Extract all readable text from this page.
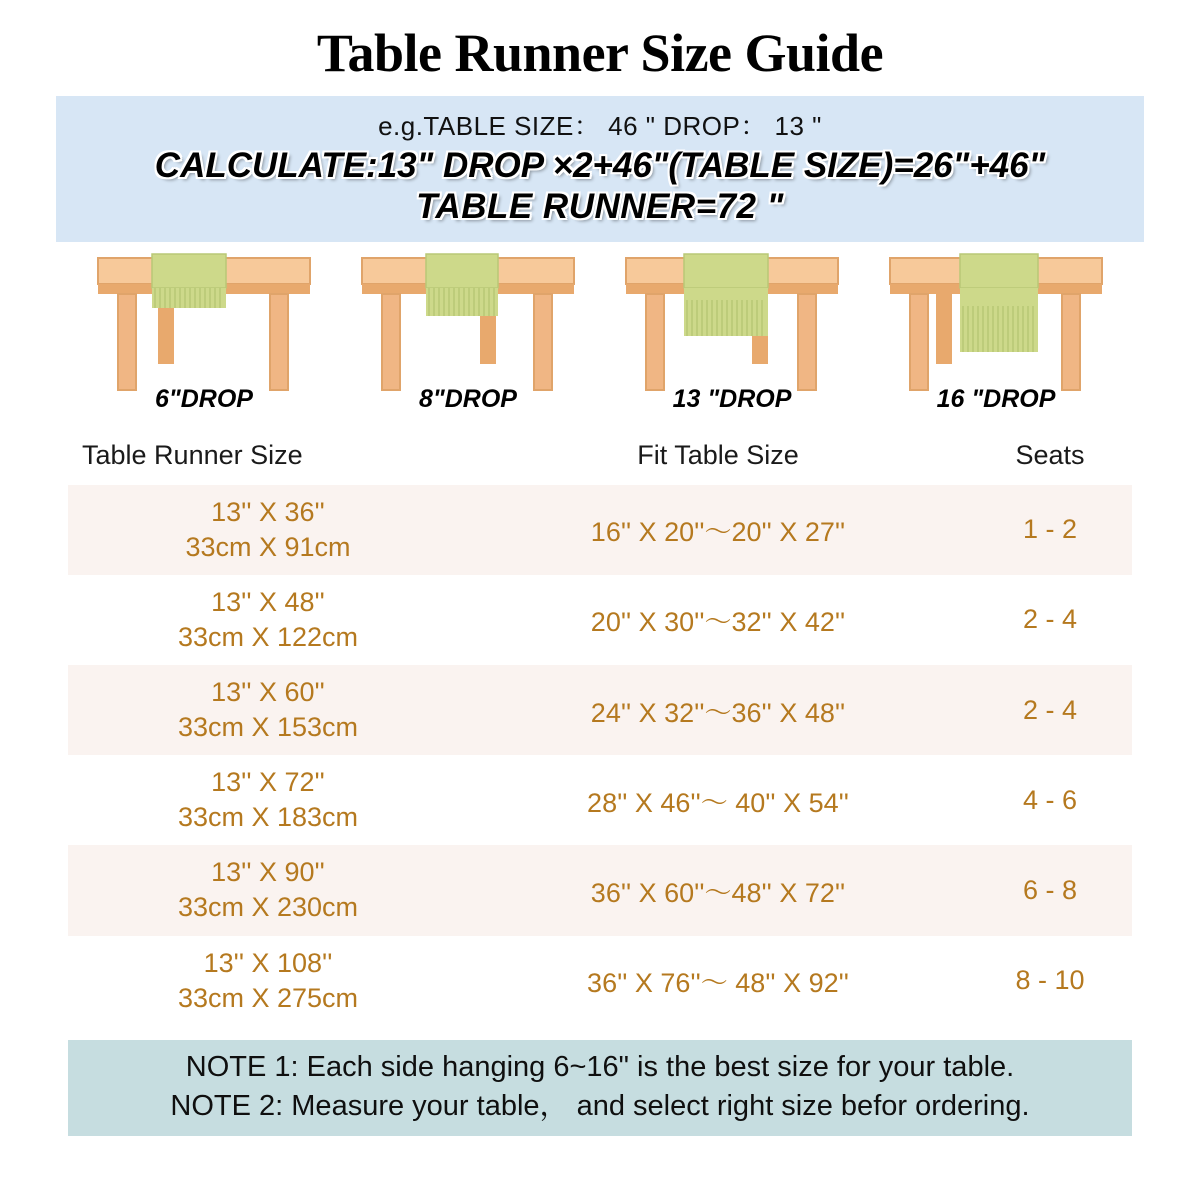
Table Runner Size Guide
e.g.TABLE SIZE： 46 " DROP： 13 "
CALCULATE:13" DROP ×2+46"(TABLE SIZE)=26"+46"
TABLE RUNNER=72 "
6"DROP	8"DROP	13 "DROP	16 "DROP
Table Runner Size	Fit Table Size	Seats

13'' X 36''
33cm X 91cm	16'' X 20''～20'' X 27''	1 - 2

13'' X 48''
33cm X 122cm	20'' X 30''～32'' X 42''	2 - 4

13'' X 60''
33cm X 153cm	24'' X 32''～36'' X 48''	2 - 4

13'' X 72''
33cm X 183cm	28'' X 46''～ 40'' X 54''	4 - 6

13'' X 90''
33cm X 230cm	36'' X 60''～48'' X 72''	6 - 8

13'' X 108''
33cm X 275cm	36'' X 76''～ 48'' X 92''	8 - 10
NOTE 1: Each side hanging 6~16" is the best size for your table.
NOTE 2: Measure your table， and select right size befor ordering.
